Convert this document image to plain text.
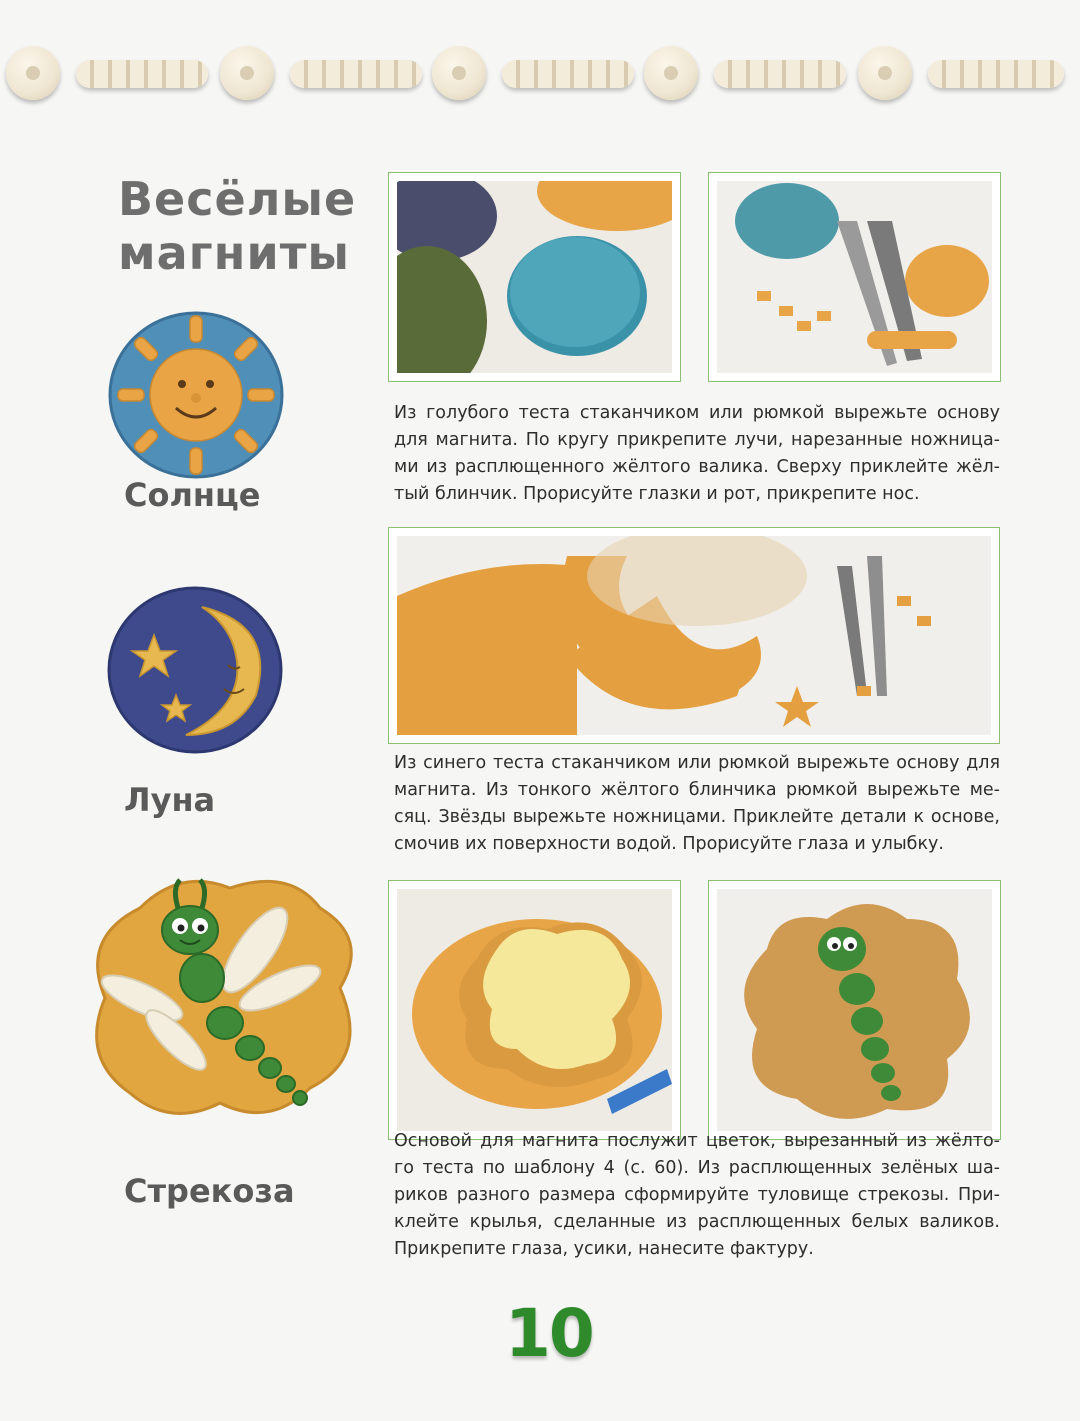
Весёлые
магниты
Солнце
Луна
Стрекоза
Из голубого теста стаканчиком или рюмкой вырежьте основу для магнита. По кругу прикрепите лучи, нарезанные ножница-ми из расплющенного жёлтого валика. Сверху приклейте жёл-тый блинчик. Прорисуйте глазки и рот, прикрепите нос.
Из синего теста стаканчиком или рюмкой вырежьте основу для магнита. Из тонкого жёлтого блинчика рюмкой вырежьте ме-сяц. Звёзды вырежьте ножницами. Приклейте детали к основе, смочив их поверхности водой. Прорисуйте глаза и улыбку.
Основой для магнита послужит цветок, вырезанный из жёлто-го теста по шаблону 4 (с. 60). Из расплющенных зелёных ша-риков разного размера сформируйте туловище стрекозы. При-клейте крылья, сделанные из расплющенных белых валиков. Прикрепите глаза, усики, нанесите фактуру.
10
